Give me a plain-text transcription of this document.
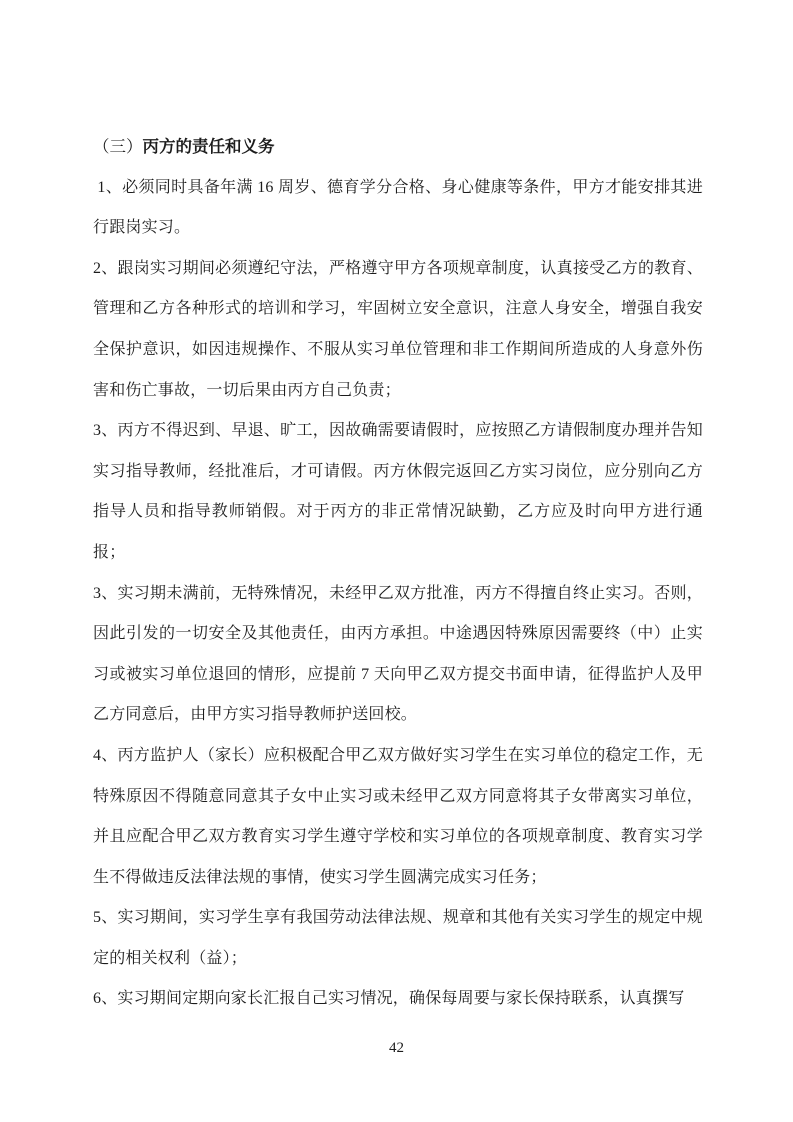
（三）丙方的责任和义务

1、必须同时具备年满 16 周岁、德育学分合格、身心健康等条件，甲方才能安排其进行跟岗实习。

2、跟岗实习期间必须遵纪守法，严格遵守甲方各项规章制度，认真接受乙方的教育、管理和乙方各种形式的培训和学习，牢固树立安全意识，注意人身安全，增强自我安全保护意识，如因违规操作、不服从实习单位管理和非工作期间所造成的人身意外伤害和伤亡事故，一切后果由丙方自己负责；

3、丙方不得迟到、早退、旷工，因故确需要请假时，应按照乙方请假制度办理并告知实习指导教师，经批准后，才可请假。丙方休假完返回乙方实习岗位，应分别向乙方指导人员和指导教师销假。对于丙方的非正常情况缺勤，乙方应及时向甲方进行通报；

3、实习期未满前，无特殊情况，未经甲乙双方批准，丙方不得擅自终止实习。否则，因此引发的一切安全及其他责任，由丙方承担。中途遇因特殊原因需要终（中）止实习或被实习单位退回的情形，应提前 7 天向甲乙双方提交书面申请，征得监护人及甲乙方同意后，由甲方实习指导教师护送回校。

4、丙方监护人（家长）应积极配合甲乙双方做好实习学生在实习单位的稳定工作，无特殊原因不得随意同意其子女中止实习或未经甲乙双方同意将其子女带离实习单位，并且应配合甲乙双方教育实习学生遵守学校和实习单位的各项规章制度、教育实习学生不得做违反法律法规的事情，使实习学生圆满完成实习任务；

5、实习期间，实习学生享有我国劳动法律法规、规章和其他有关实习学生的规定中规定的相关权利（益）；

6、实习期间定期向家长汇报自己实习情况，确保每周要与家长保持联系，认真撰写

42
